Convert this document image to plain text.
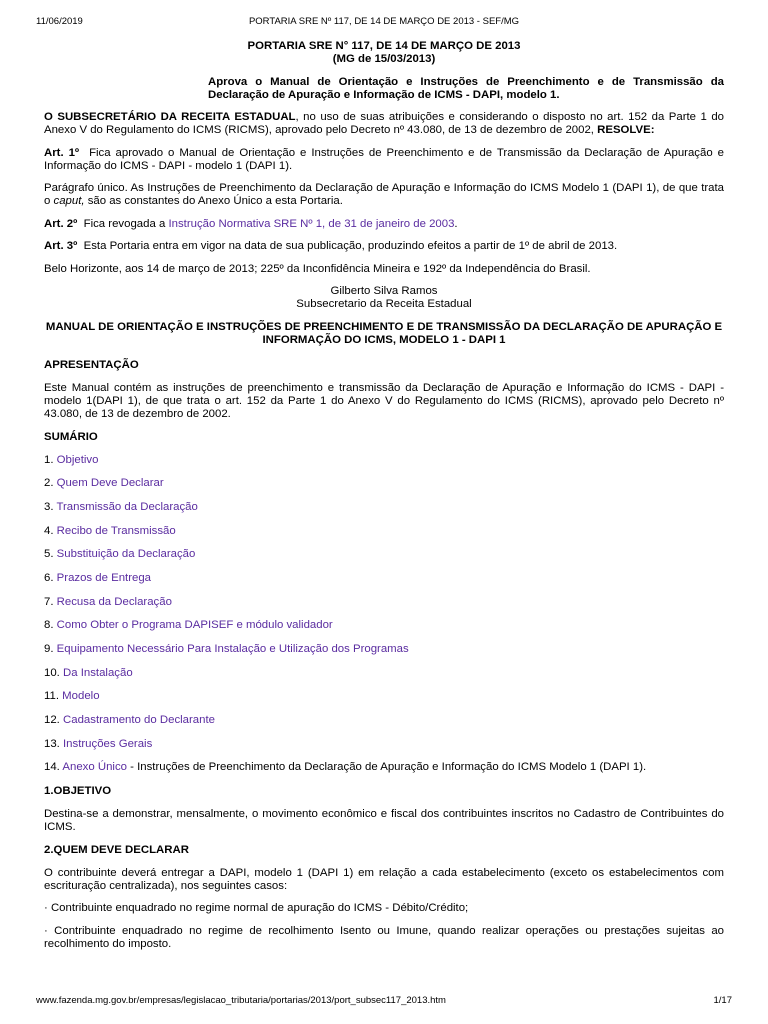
11/06/2019	PORTARIA SRE Nº 117, DE 14 DE MARÇO DE 2013 - SEF/MG
PORTARIA SRE N° 117, DE 14 DE MARÇO DE 2013
(MG de 15/03/2013)
Aprova o Manual de Orientação e Instruções de Preenchimento e de Transmissão da Declaração de Apuração e Informação de ICMS - DAPI, modelo 1.

O SUBSECRETÁRIO DA RECEITA ESTADUAL, no uso de suas atribuições e considerando o disposto no art. 152 da Parte 1 do Anexo V do Regulamento do ICMS (RICMS), aprovado pelo Decreto nº 43.080, de 13 de dezembro de 2002, RESOLVE:

Art. 1º Fica aprovado o Manual de Orientação e Instruções de Preenchimento e de Transmissão da Declaração de Apuração e Informação do ICMS - DAPI - modelo 1 (DAPI 1).

Parágrafo único. As Instruções de Preenchimento da Declaração de Apuração e Informação do ICMS Modelo 1 (DAPI 1), de que trata o caput, são as constantes do Anexo Único a esta Portaria.

Art. 2º Fica revogada a Instrução Normativa SRE Nº 1, de 31 de janeiro de 2003.

Art. 3º Esta Portaria entra em vigor na data de sua publicação, produzindo efeitos a partir de 1º de abril de 2013.

Belo Horizonte, aos 14 de março de 2013; 225º da Inconfidência Mineira e 192º da Independência do Brasil.

Gilberto Silva Ramos
Subsecretario da Receita Estadual
MANUAL DE ORIENTAÇÃO E INSTRUÇÕES DE PREENCHIMENTO E DE TRANSMISSÃO DA DECLARAÇÃO DE APURAÇÃO E INFORMAÇÃO DO ICMS, MODELO 1 - DAPI 1
APRESENTAÇÃO

Este Manual contém as instruções de preenchimento e transmissão da Declaração de Apuração e Informação do ICMS - DAPI - modelo 1(DAPI 1), de que trata o art. 152 da Parte 1 do Anexo V do Regulamento do ICMS (RICMS), aprovado pelo Decreto nº 43.080, de 13 de dezembro de 2002.

SUMÁRIO
1. Objetivo
2. Quem Deve Declarar
3. Transmissão da Declaração
4. Recibo de Transmissão
5. Substituição da Declaração
6. Prazos de Entrega
7. Recusa da Declaração
8. Como Obter o Programa DAPISEF e módulo validador
9. Equipamento Necessário Para Instalação e Utilização dos Programas
10. Da Instalação
11. Modelo
12. Cadastramento do Declarante
13. Instruções Gerais
14. Anexo Único - Instruções de Preenchimento da Declaração de Apuração e Informação do ICMS Modelo 1 (DAPI 1).
1.OBJETIVO

Destina-se a demonstrar, mensalmente, o movimento econômico e fiscal dos contribuintes inscritos no Cadastro de Contribuintes do ICMS.

2.QUEM DEVE DECLARAR

O contribuinte deverá entregar a DAPI, modelo 1 (DAPI 1) em relação a cada estabelecimento (exceto os estabelecimentos com escrituração centralizada), nos seguintes casos:

· Contribuinte enquadrado no regime normal de apuração do ICMS - Débito/Crédito;

· Contribuinte enquadrado no regime de recolhimento Isento ou Imune, quando realizar operações ou prestações sujeitas ao recolhimento do imposto.

www.fazenda.mg.gov.br/empresas/legislacao_tributaria/portarias/2013/port_subsec117_2013.htm	1/17
